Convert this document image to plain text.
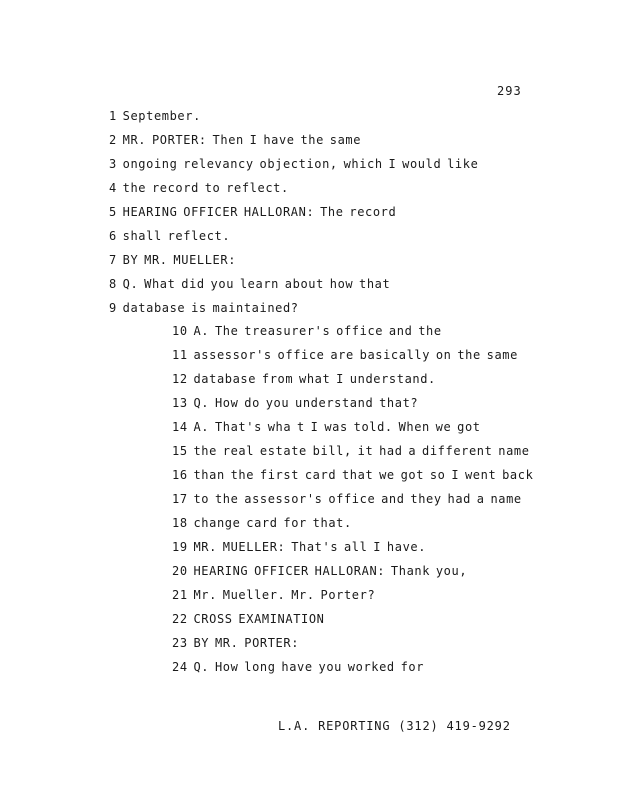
293
1 September.
2 MR. PORTER: Then I have the same
3 ongoing relevancy objection, which I would like
4 the record to reflect.
5 HEARING OFFICER HALLORAN: The record
6 shall reflect.
7 BY MR. MUELLER:
8 Q. What did you learn about how that
9 database is maintained?
10 A. The treasurer's office and the
11 assessor's office are basically on the same
12 database from what I understand.
13 Q. How do you understand that?
14 A. That's wha t I was told. When we got
15 the real estate bill, it had a different name
16 than the first card that we got so I went back
17 to the assessor's office and they had a name
18 change card for that.
19 MR. MUELLER: That's all I have.
20 HEARING OFFICER HALLORAN: Thank you,
21 Mr. Mueller. Mr. Porter?
22 CROSS EXAMINATION
23 BY MR. PORTER:
24 Q. How long have you worked for
L.A. REPORTING (312) 419-9292
